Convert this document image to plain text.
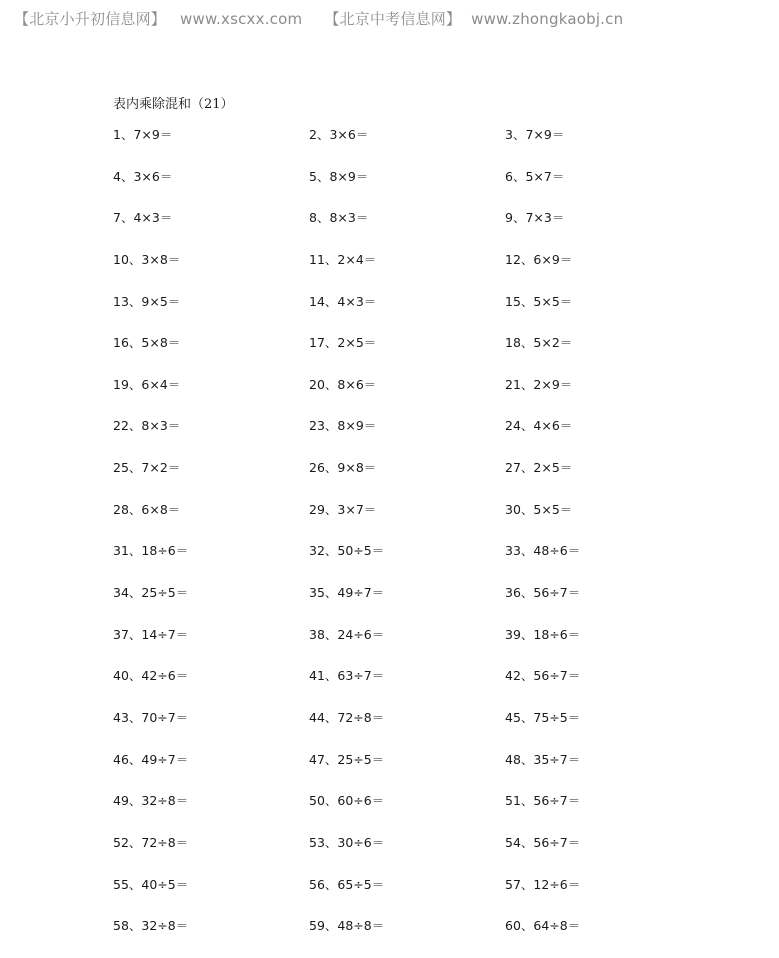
【北京小升初信息网】 www.xscxx.com 【北京中考信息网】 www.zhongkaobj.cn
表内乘除混和（21）
1、7×9＝	2、3×6＝	3、7×9＝
4、3×6＝	5、8×9＝	6、5×7＝
7、4×3＝	8、8×3＝	9、7×3＝
10、3×8＝	11、2×4＝	12、6×9＝
13、9×5＝	14、4×3＝	15、5×5＝
16、5×8＝	17、2×5＝	18、5×2＝
19、6×4＝	20、8×6＝	21、2×9＝
22、8×3＝	23、8×9＝	24、4×6＝
25、7×2＝	26、9×8＝	27、2×5＝
28、6×8＝	29、3×7＝	30、5×5＝
31、18÷6＝	32、50÷5＝	33、48÷6＝
34、25÷5＝	35、49÷7＝	36、56÷7＝
37、14÷7＝	38、24÷6＝	39、18÷6＝
40、42÷6＝	41、63÷7＝	42、56÷7＝
43、70÷7＝	44、72÷8＝	45、75÷5＝
46、49÷7＝	47、25÷5＝	48、35÷7＝
49、32÷8＝	50、60÷6＝	51、56÷7＝
52、72÷8＝	53、30÷6＝	54、56÷7＝
55、40÷5＝	56、65÷5＝	57、12÷6＝
58、32÷8＝	59、48÷8＝	60、64÷8＝
